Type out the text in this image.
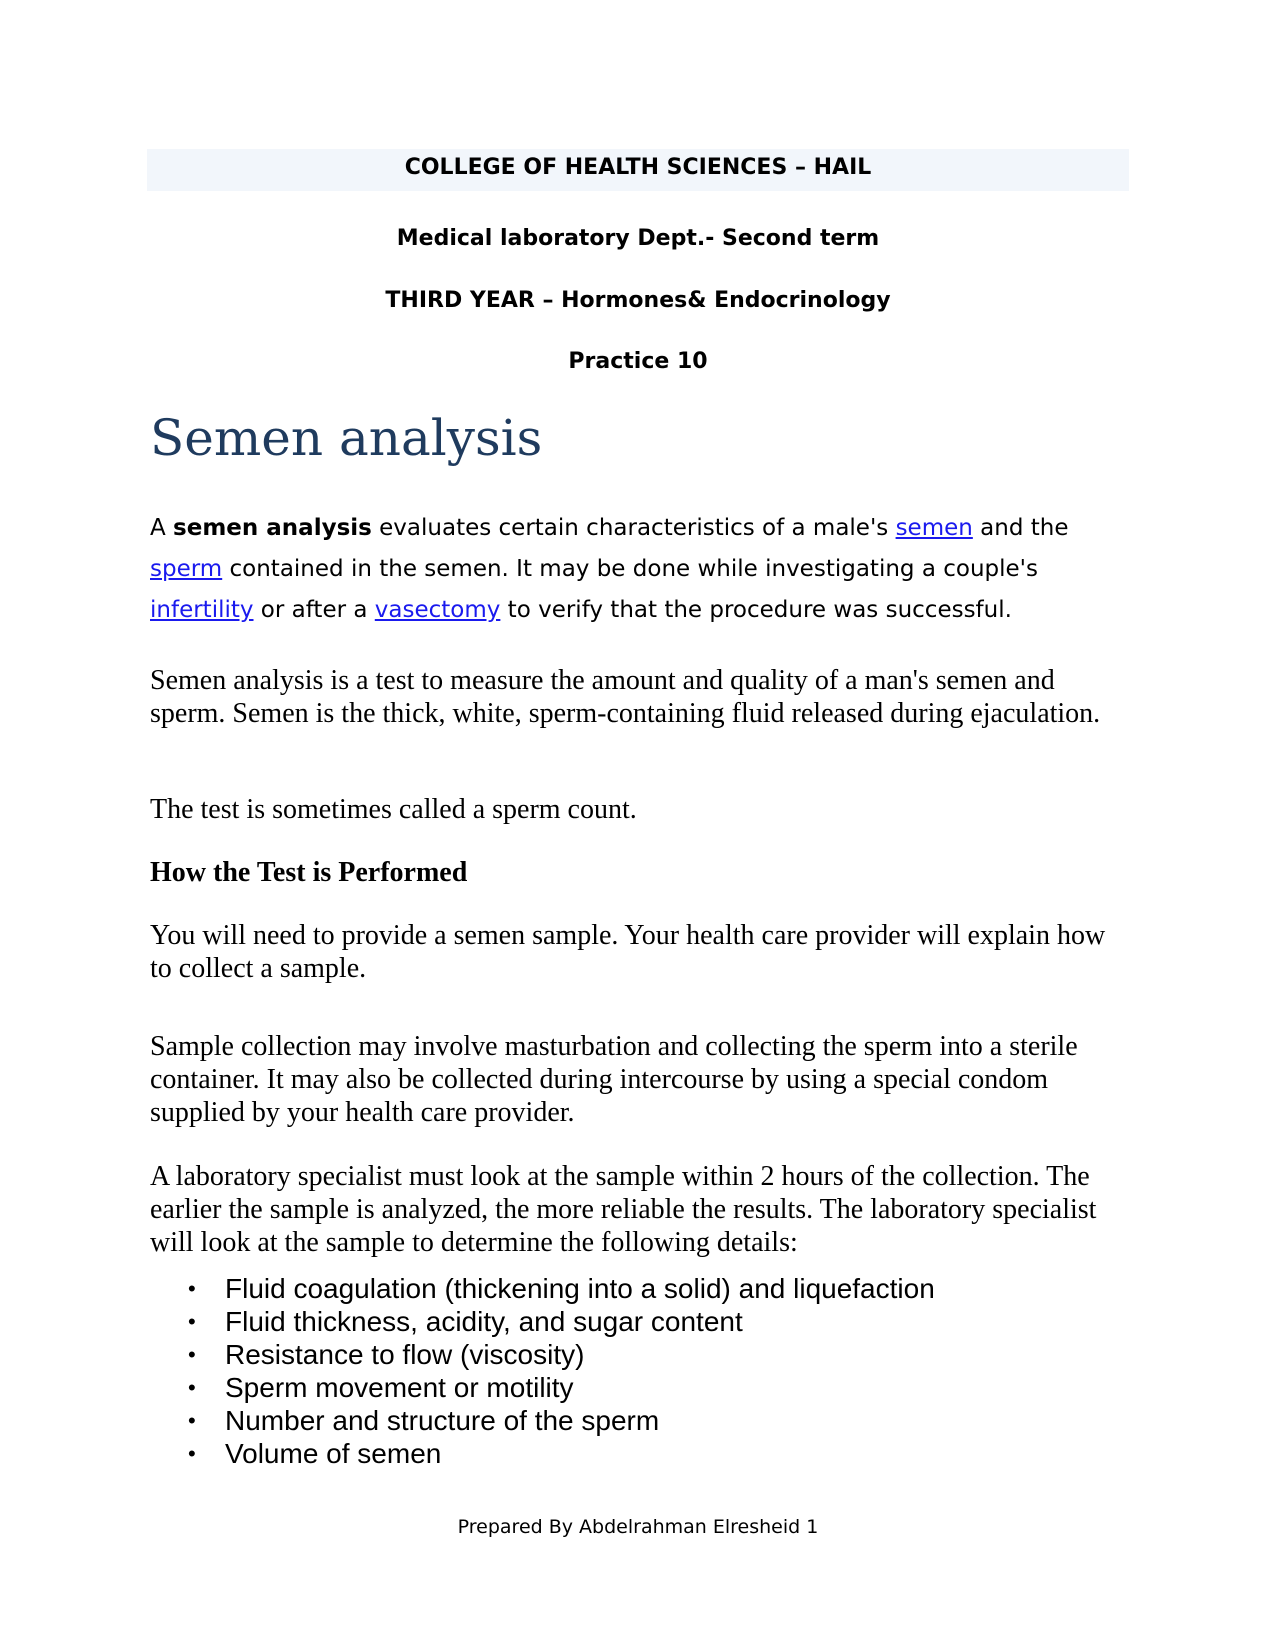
COLLEGE OF HEALTH SCIENCES – HAIL
Medical laboratory Dept.- Second term
THIRD YEAR – Hormones& Endocrinology
Practice 10
Semen analysis
A semen analysis evaluates certain characteristics of a male's semen and the sperm contained in the semen. It may be done while investigating a couple's infertility or after a vasectomy to verify that the procedure was successful.
Semen analysis is a test to measure the amount and quality of a man's semen and sperm. Semen is the thick, white, sperm-containing fluid released during ejaculation.
The test is sometimes called a sperm count.
How the Test is Performed
You will need to provide a semen sample. Your health care provider will explain how to collect a sample.
Sample collection may involve masturbation and collecting the sperm into a sterile container. It may also be collected during intercourse by using a special condom supplied by your health care provider.
A laboratory specialist must look at the sample within 2 hours of the collection. The earlier the sample is analyzed, the more reliable the results. The laboratory specialist will look at the sample to determine the following details:
• Fluid coagulation (thickening into a solid) and liquefaction
• Fluid thickness, acidity, and sugar content
• Resistance to flow (viscosity)
• Sperm movement or motility
• Number and structure of the sperm
• Volume of semen
Prepared By Abdelrahman Elresheid 1
